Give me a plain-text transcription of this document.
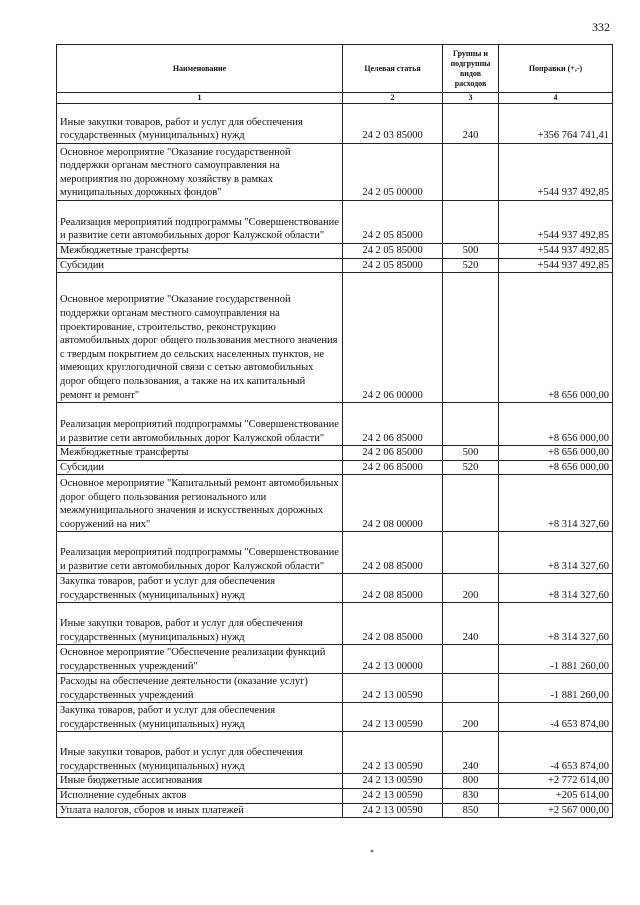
332
Наименование	Целевая статья	Группы и подгруппы видов расходов	Поправки (+,-)
1	2	3	4
Иные закупки товаров, работ и услуг для обеспечения государственных (муниципальных) нужд	24 2 03 85000	240	+356 764 741,41
Основное мероприятие "Оказание государственной поддержки органам местного самоуправления на мероприятия по дорожному хозяйству в рамках муниципальных дорожных фондов"	24 2 05 00000		+544 937 492,85
Реализация мероприятий подпрограммы "Совершенствование и развитие сети автомобильных дорог Калужской области"	24 2 05 85000		+544 937 492,85
Межбюджетные трансферты	24 2 05 85000	500	+544 937 492,85
Субсидии	24 2 05 85000	520	+544 937 492,85
Основное мероприятие "Оказание государственной поддержки органам местного самоуправления на проектирование, строительство, реконструкцию автомобильных дорог общего пользования местного значения с твердым покрытием до сельских населенных пунктов, не имеющих круглогодичной связи с сетью автомобильных дорог общего пользования, а также на их капитальный ремонт и ремонт"	24 2 06 00000		+8 656 000,00
Реализация мероприятий подпрограммы "Совершенствование и развитие сети автомобильных дорог Калужской области"	24 2 06 85000		+8 656 000,00
Межбюджетные трансферты	24 2 06 85000	500	+8 656 000,00
Субсидии	24 2 06 85000	520	+8 656 000,00
Основное мероприятие "Капитальный ремонт автомобильных дорог общего пользования регионального или межмуниципального значения и искусственных дорожных сооружений на них"	24 2 08 00000		+8 314 327,60
Реализация мероприятий подпрограммы "Совершенствование и развитие сети автомобильных дорог Калужской области"	24 2 08 85000		+8 314 327,60
Закупка товаров, работ и услуг для обеспечения государственных (муниципальных) нужд	24 2 08 85000	200	+8 314 327,60
Иные закупки товаров, работ и услуг для обеспечения государственных (муниципальных) нужд	24 2 08 85000	240	+8 314 327,60
Основное мероприятие "Обеспечение реализации функций государственных учреждений"	24 2 13 00000		-1 881 260,00
Расходы на обеспечение деятельности (оказание услуг) государственных учреждений	24 2 13 00590		-1 881 260,00
Закупка товаров, работ и услуг для обеспечения государственных (муниципальных) нужд	24 2 13 00590	200	-4 653 874,00
Иные закупки товаров, работ и услуг для обеспечения государственных (муниципальных) нужд	24 2 13 00590	240	-4 653 874,00
Иные бюджетные ассигнования	24 2 13 00590	800	+2 772 614,00
Исполнение судебных актов	24 2 13 00590	830	+205 614,00
Уплата налогов, сборов и иных платежей	24 2 13 00590	850	+2 567 000,00
*
